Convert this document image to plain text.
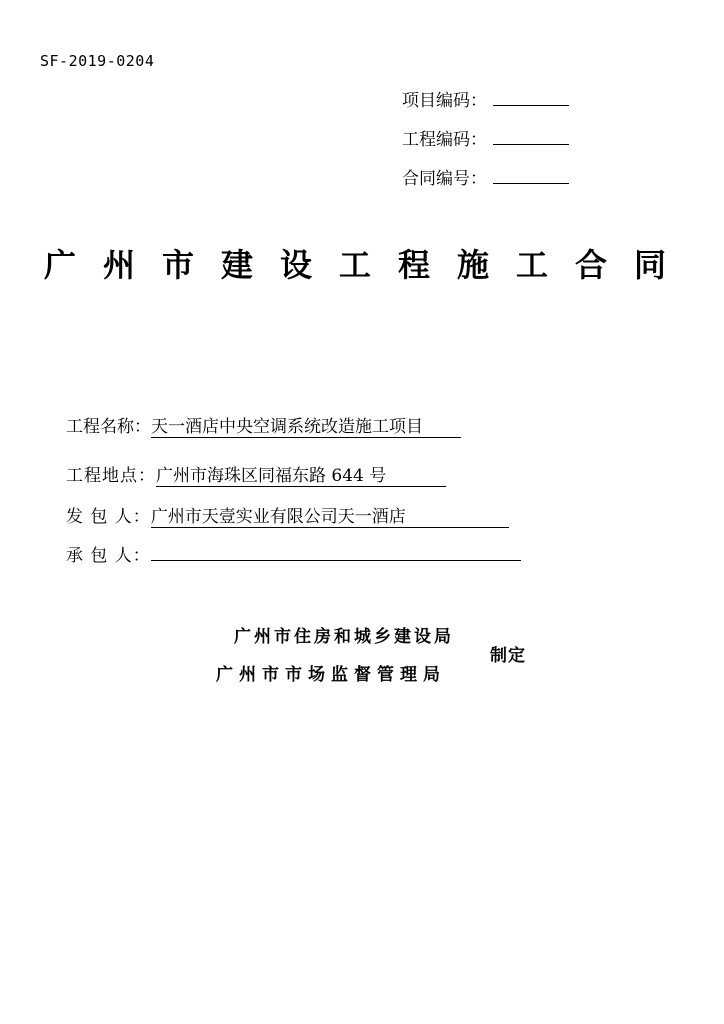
SF-2019-0204
项目编码：
工程编码：
合同编号：
广州市建设工程施工合同
工程名称： 天一酒店中央空调系统改造施工项目
工程地点： 广州市海珠区同福东路 644 号
发 包 人： 广州市天壹实业有限公司天一酒店
承 包 人：
广州市住房和城乡建设局
广州市市场监督管理局
制定
